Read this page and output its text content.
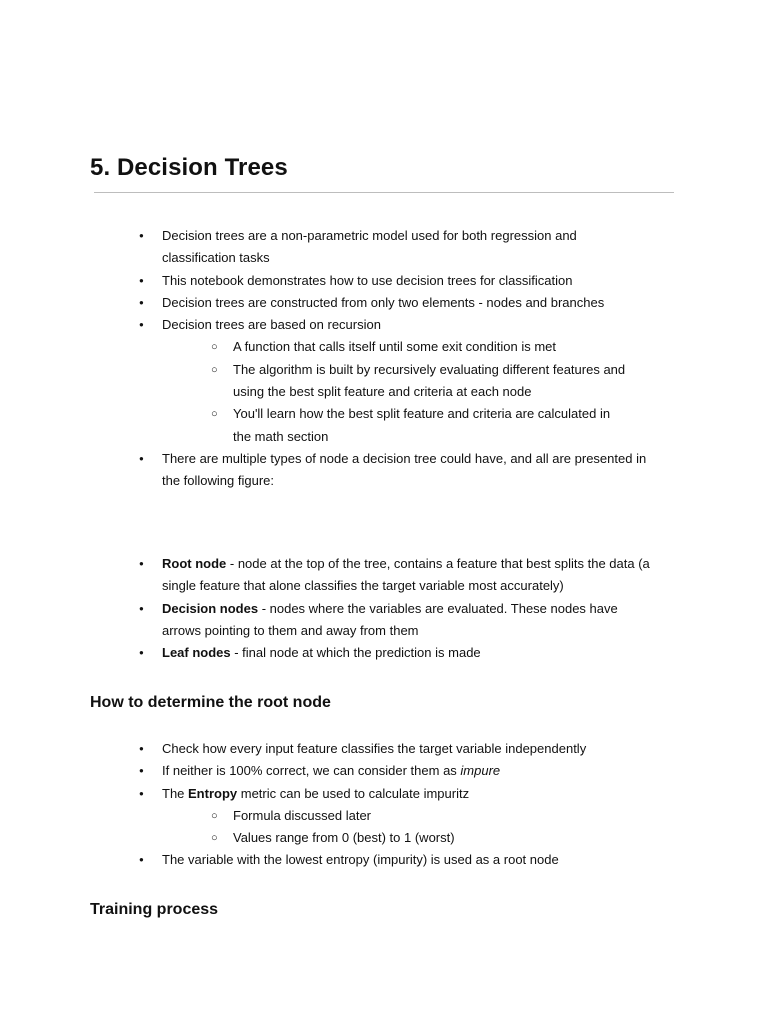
5. Decision Trees
● Decision trees are a non-parametric model used for both regression and classification tasks
● This notebook demonstrates how to use decision trees for classification
● Decision trees are constructed from only two elements - nodes and branches
● Decision trees are based on recursion
○ A function that calls itself until some exit condition is met
○ The algorithm is built by recursively evaluating different features and using the best split feature and criteria at each node
○ You'll learn how the best split feature and criteria are calculated in the math section
● There are multiple types of node a decision tree could have, and all are presented in the following figure:
● Root node - node at the top of the tree, contains a feature that best splits the data (a single feature that alone classifies the target variable most accurately)
● Decision nodes - nodes where the variables are evaluated. These nodes have arrows pointing to them and away from them
● Leaf nodes - final node at which the prediction is made
How to determine the root node
● Check how every input feature classifies the target variable independently
● If neither is 100% correct, we can consider them as impure
● The Entropy metric can be used to calculate impuritz
○ Formula discussed later
○ Values range from 0 (best) to 1 (worst)
● The variable with the lowest entropy (impurity) is used as a root node
Training process
